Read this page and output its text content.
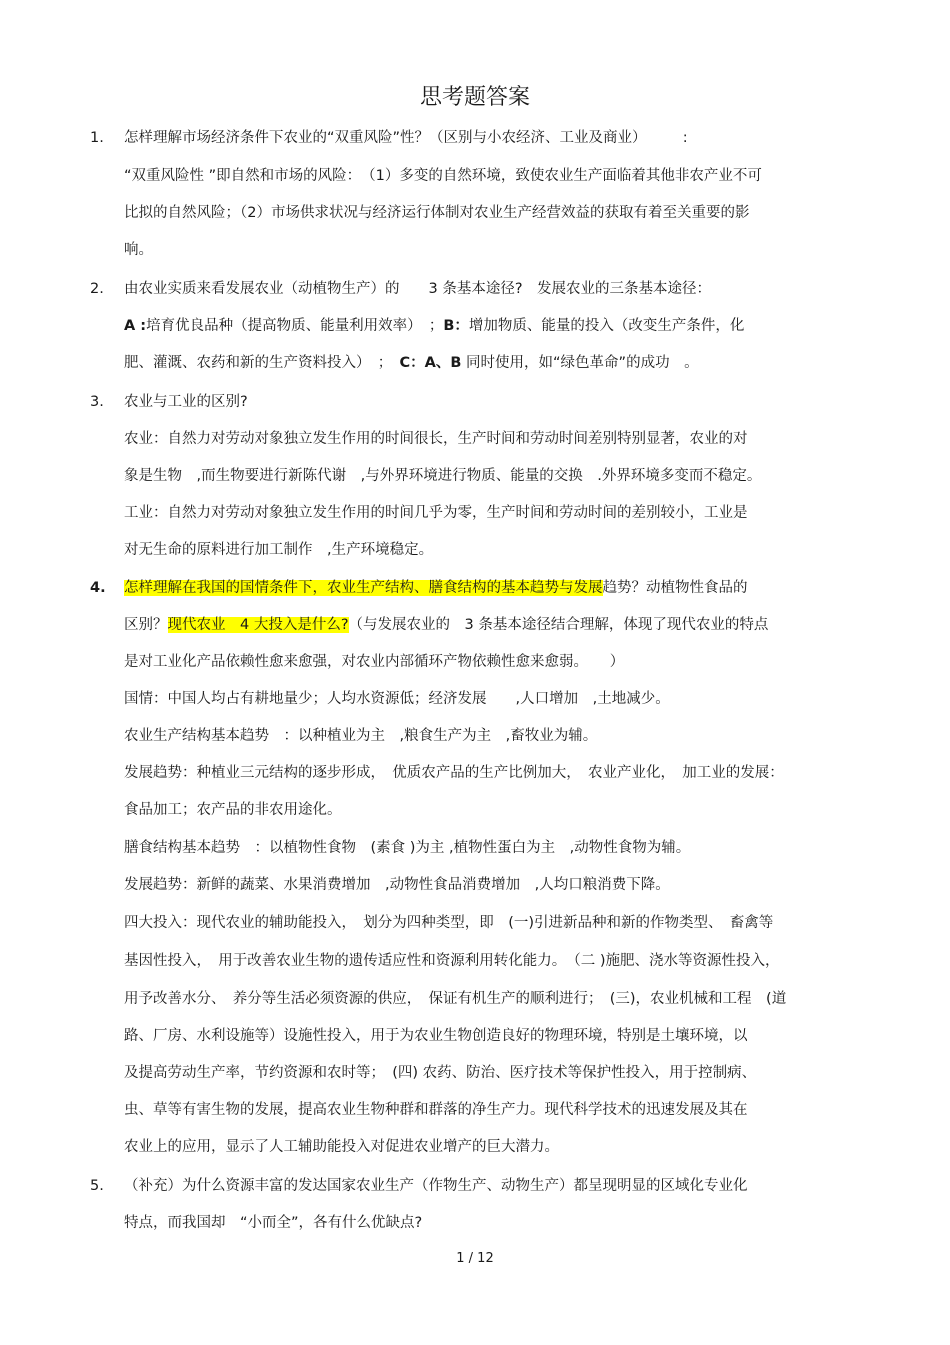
思考题答案
1. 怎样理解市场经济条件下农业的“双重风险”性？（区别与小农经济、工业及商业）　　　:
“双重风险性 ”即自然和市场的风险：　（1）多变的自然环境，致使农业生产面临着其他非农产业不可
比拟的自然风险；（2）市场供求状况与经济运行体制对农业生产经营效益的获取有着至关重要的影
响。
2. 由农业实质来看发展农业（动植物生产）的　　3 条基本途径?　发展农业的三条基本途径：
A :培育优良品种（提高物质、能量利用效率）　；B：增加物质、能量的投入（改变生产条件，化
肥、灌溉、农药和新的生产资料投入）　；　 C：A、B 同时使用，如“绿色革命”的成功　。
3. 农业与工业的区别?
农业：自然力对劳动对象独立发生作用的时间很长，生产时间和劳动时间差别特别显著，农业的对
象是生物　,而生物要进行新陈代谢　,与外界环境进行物质、能量的交换　.外界环境多变而不稳定。
工业：自然力对劳动对象独立发生作用的时间几乎为零，生产时间和劳动时间的差别较小，工业是
对无生命的原料进行加工制作　,生产环境稳定。
4. 怎样理解在我国的国情条件下，农业生产结构、膳食结构的基本趋势与发展趋势？动植物性食品的
区别？现代农业　4 大投入是什么?（与发展农业的　3 条基本途径结合理解，体现了现代农业的特点
是对工业化产品依赖性愈来愈强，对农业内部循环产物依赖性愈来愈弱。　　）
国情：中国人均占有耕地量少；人均水资源低；经济发展　　,人口增加　,土地减少。
农业生产结构基本趋势　：以种植业为主　,粮食生产为主　,畜牧业为辅。
发展趋势：种植业三元结构的逐步形成，　优质农产品的生产比例加大，　农业产业化，　加工业的发展：
食品加工；农产品的非农用途化。
膳食结构基本趋势　：以植物性食物　(素食 )为主 ,植物性蛋白为主　,动物性食物为辅。
发展趋势：新鲜的蔬菜、水果消费增加　,动物性食品消费增加　,人均口粮消费下降。
四大投入：现代农业的辅助能投入，　划分为四种类型，即　(一)引进新品种和新的作物类型、　畜禽等
基因性投入，　用于改善农业生物的遗传适应性和资源利用转化能力。　（二 )施肥、浇水等资源性投入，
用予改善水分、　养分等生活必须资源的供应，　保证有机生产的顺利进行；　(三)，农业机械和工程　(道
路、厂房、水利设施等）设施性投入，用于为农业生物创造良好的物理环境，特别是土壤环境，以
及提高劳动生产率，节约资源和农时等；　(四) 农药、防治、医疗技术等保护性投入，用于控制病、
虫、草等有害生物的发展，提高农业生物种群和群落的净生产力。现代科学技术的迅速发展及其在
农业上的应用，显示了人工辅助能投入对促进农业增产的巨大潜力。
5. （补充）为什么资源丰富的发达国家农业生产（作物生产、动物生产）都呈现明显的区域化专业化
特点，而我国却　“小而全”，各有什么优缺点?
1 / 12
